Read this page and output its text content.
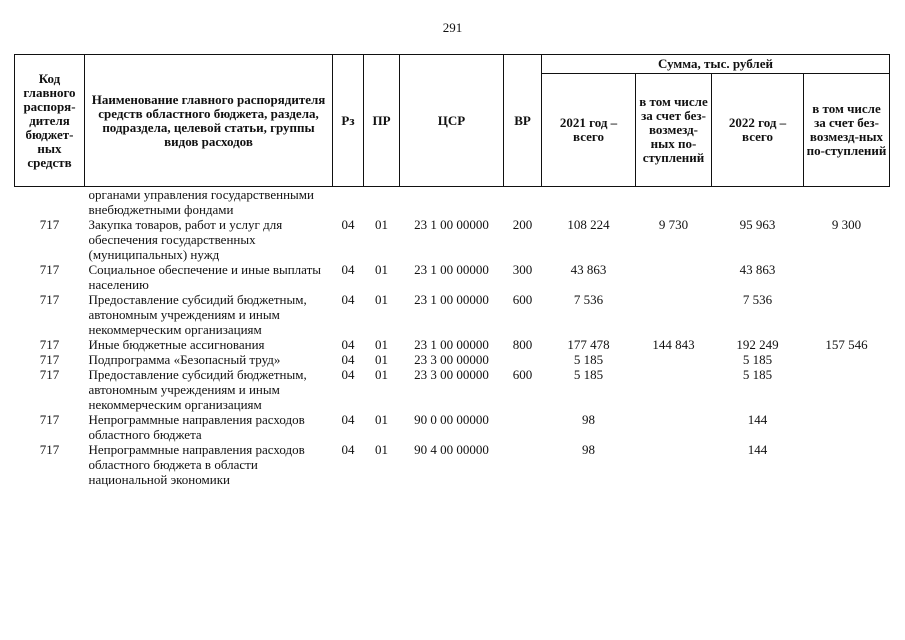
291
Код главного распоря-дителя бюджет-ных средств	Наименование главного распорядителя средств областного бюджета, раздела, подраздела, целевой статьи, группы видов расходов	Рз	ПР	ЦСР	ВР	Сумма, тыс. рублей			
						2021 год – всего	в том числе за счет без-возмезд-ных по-ступлений	2022 год – всего	в том числе за счет без-возмезд-ных по-ступлений
	органами управления государственными внебюджетными фондами								
717	Закупка товаров, работ и услуг для обеспечения государственных (муниципальных) нужд	04	01	23 1 00 00000	200	108 224	9 730	95 963	9 300
717	Социальное обеспечение и иные выплаты населению	04	01	23 1 00 00000	300	43 863		43 863	
717	Предоставление субсидий бюджетным, автономным учреждениям и иным некоммерческим организациям	04	01	23 1 00 00000	600	7 536		7 536	
717	Иные бюджетные ассигнования	04	01	23 1 00 00000	800	177 478	144 843	192 249	157 546
717	Подпрограмма «Безопасный труд»	04	01	23 3 00 00000		5 185		5 185	
717	Предоставление субсидий бюджетным, автономным учреждениям и иным некоммерческим организациям	04	01	23 3 00 00000	600	5 185		5 185	
717	Непрограммные направления расходов областного бюджета	04	01	90 0 00 00000		98		144	
717	Непрограммные направления расходов областного бюджета в области национальной экономики	04	01	90 4 00 00000		98		144	
